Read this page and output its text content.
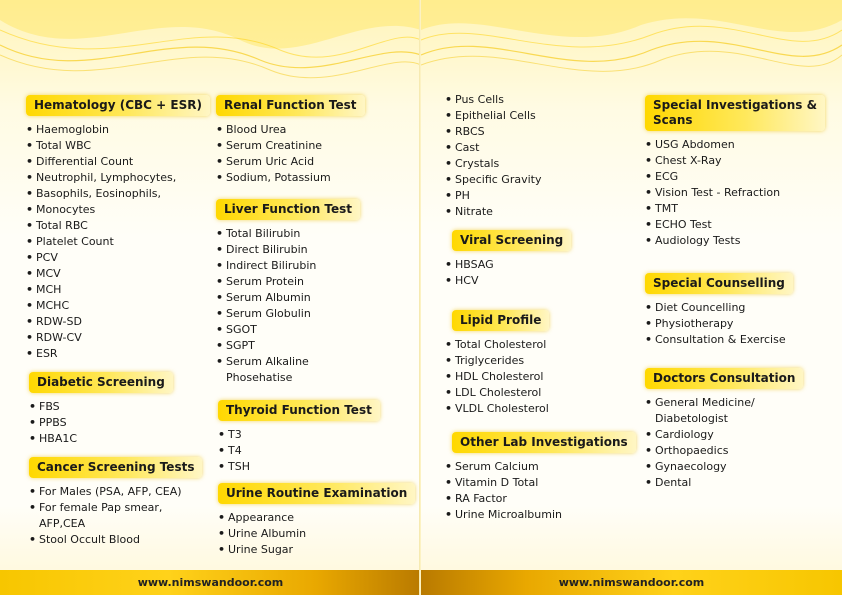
Hematology (CBC + ESR)
• Haemoglobin
• Total WBC
• Differential Count
• Neutrophil, Lymphocytes,
• Basophils, Eosinophils,
• Monocytes
• Total RBC
• Platelet Count
• PCV
• MCV
• MCH
• MCHC
• RDW-SD
• RDW-CV
• ESR
Diabetic Screening
• FBS
• PPBS
• HBA1C
Cancer Screening Tests
• For Males (PSA, AFP, CEA)
• For female Pap smear,
AFP,CEA
• Stool Occult Blood
Renal Function Test
• Blood Urea
• Serum Creatinine
• Serum Uric Acid
• Sodium, Potassium
Liver Function Test
• Total Bilirubin
• Direct Bilirubin
• Indirect Bilirubin
• Serum Protein
• Serum Albumin
• Serum Globulin
• SGOT
• SGPT
• Serum Alkaline
Phosehatise
Thyroid Function Test
• T3
• T4
• TSH
Urine Routine Examination
• Appearance
• Urine Albumin
• Urine Sugar
www.nimswandoor.com
• Pus Cells
• Epithelial Cells
• RBCS
• Cast
• Crystals
• Specific Gravity
• PH
• Nitrate
Viral Screening
• HBSAG
• HCV
Lipid Profile
• Total Cholesterol
• Triglycerides
• HDL Cholesterol
• LDL Cholesterol
• VLDL Cholesterol
Other Lab Investigations
• Serum Calcium
• Vitamin D Total
• RA Factor
• Urine Microalbumin
Special Investigations &
Scans
• USG Abdomen
• Chest X-Ray
• ECG
• Vision Test - Refraction
• TMT
• ECHO Test
• Audiology Tests
Special Counselling
• Diet Councelling
• Physiotherapy
• Consultation & Exercise
Doctors Consultation
• General Medicine/
Diabetologist
• Cardiology
• Orthopaedics
• Gynaecology
• Dental
www.nimswandoor.com
